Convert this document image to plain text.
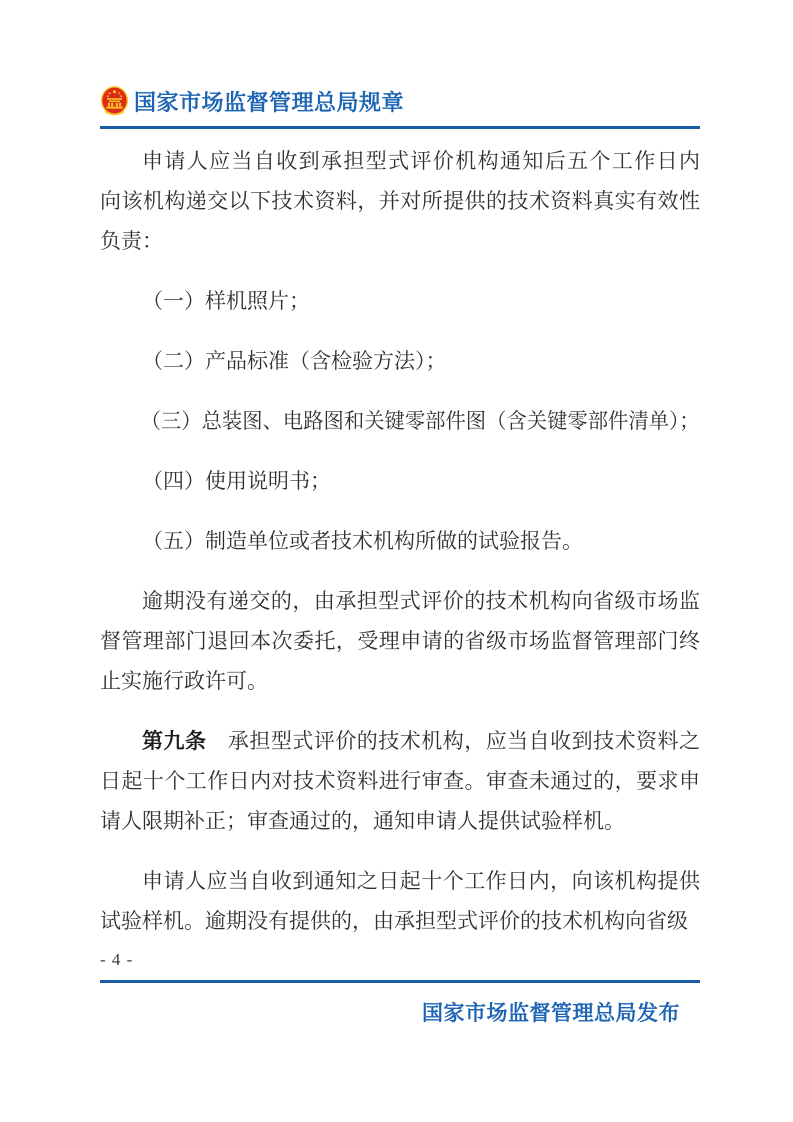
国家市场监督管理总局规章
申请人应当自收到承担型式评价机构通知后五个工作日内
向该机构递交以下技术资料，并对所提供的技术资料真实有效性
负责：
（一）样机照片；
（二）产品标准（含检验方法）；
（三）总装图、电路图和关键零部件图（含关键零部件清单）；
（四）使用说明书；
（五）制造单位或者技术机构所做的试验报告。
逾期没有递交的，由承担型式评价的技术机构向省级市场监
督管理部门退回本次委托，受理申请的省级市场监督管理部门终
止实施行政许可。
第九条　承担型式评价的技术机构，应当自收到技术资料之
日起十个工作日内对技术资料进行审查。审查未通过的，要求申
请人限期补正；审查通过的，通知申请人提供试验样机。
申请人应当自收到通知之日起十个工作日内，向该机构提供
试验样机。逾期没有提供的，由承担型式评价的技术机构向省级
- 4 -
国家市场监督管理总局发布
